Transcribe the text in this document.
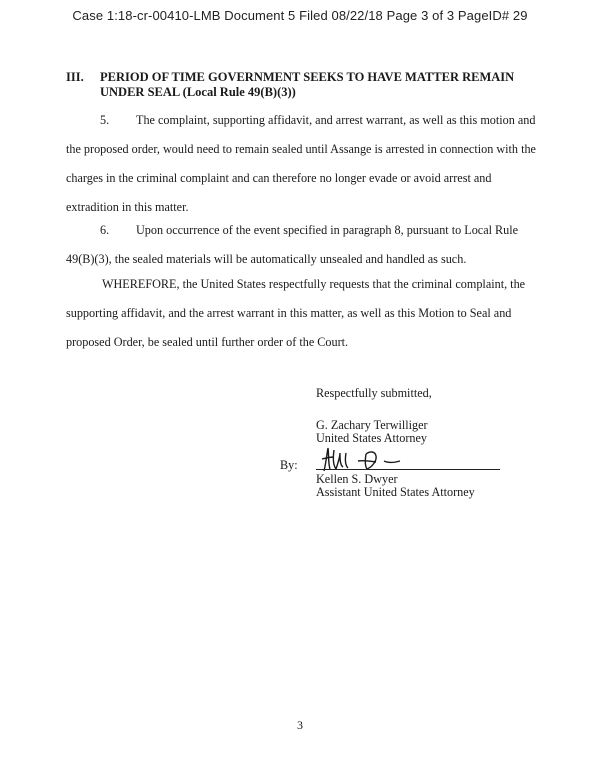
Case 1:18-cr-00410-LMB Document 5 Filed 08/22/18 Page 3 of 3 PageID# 29
III. PERIOD OF TIME GOVERNMENT SEEKS TO HAVE MATTER REMAIN
UNDER SEAL (Local Rule 49(B)(3))

5. The complaint, supporting affidavit, and arrest warrant, as well as this motion and

the proposed order, would need to remain sealed until Assange is arrested in connection with the

charges in the criminal complaint and can therefore no longer evade or avoid arrest and

extradition in this matter.

6. Upon occurrence of the event specified in paragraph 8, pursuant to Local Rule

49(B)(3), the sealed materials will be automatically unsealed and handled as such.

WHEREFORE, the United States respectfully requests that the criminal complaint, the

supporting affidavit, and the arrest warrant in this matter, as well as this Motion to Seal and

proposed Order, be sealed until further order of the Court.

Respectfully submitted,
G. Zachary Terwilliger
United States Attorney
By:
Kellen S. Dwyer
Assistant United States Attorney
3
